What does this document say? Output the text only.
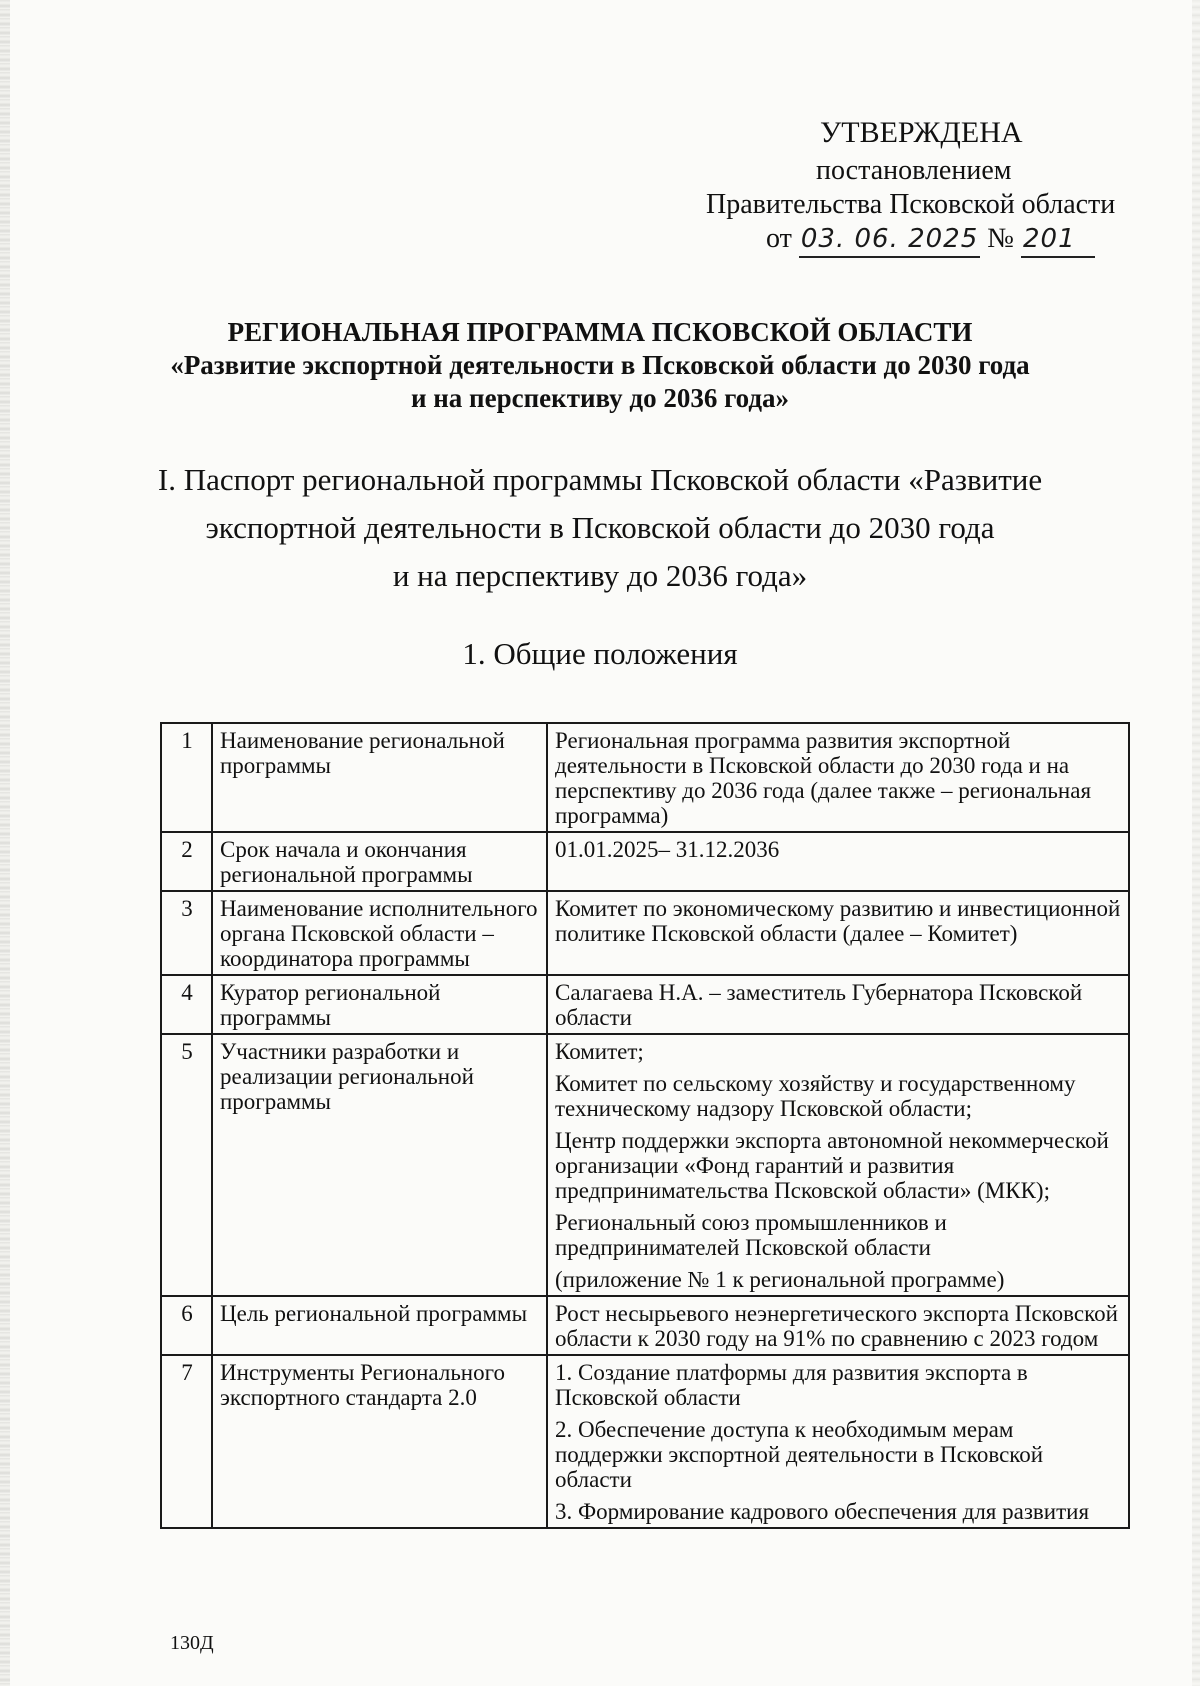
УТВЕРЖДЕНА
постановлением
Правительства Псковской области
от 03. 06. 2025 № 201
РЕГИОНАЛЬНАЯ ПРОГРАММА ПСКОВСКОЙ ОБЛАСТИ
«Развитие экспортной деятельности в Псковской области до 2030 года
и на перспективу до 2036 года»
I. Паспорт региональной программы Псковской области «Развитие
экспортной деятельности в Псковской области до 2030 года
и на перспективу до 2036 года»
1. Общие положения
1	Наименование региональной программы	Региональная программа развития экспортной деятельности в Псковской области до 2030 года и на перспективу до 2036 года (далее также – региональная программа)

2	Срок начала и окончания региональной программы	01.01.2025– 31.12.2036

3	Наименование исполнительного органа Псковской области – координатора программы	Комитет по экономическому развитию и инвестиционной политике Псковской области (далее – Комитет)

4	Куратор региональной программы	Салагаева Н.А. – заместитель Губернатора Псковской области

5	Участники разработки и реализации региональной программы	Комитет;

Комитет по сельскому хозяйству и государственному техническому надзору Псковской области;

Центр поддержки экспорта автономной некоммерческой организации «Фонд гарантий и развития предпринимательства Псковской области» (МКК);

Региональный союз промышленников и предпринимателей Псковской области

(приложение № 1 к региональной программе)

6	Цель региональной программы	Рост несырьевого неэнергетического экспорта Псковской области к 2030 году на 91% по сравнению с 2023 годом

7	Инструменты Регионального экспортного стандарта 2.0	1. Создание платформы для развития экспорта в Псковской области

2. Обеспечение доступа к необходимым мерам поддержки экспортной деятельности в Псковской области

3. Формирование кадрового обеспечения для развития

130Д
